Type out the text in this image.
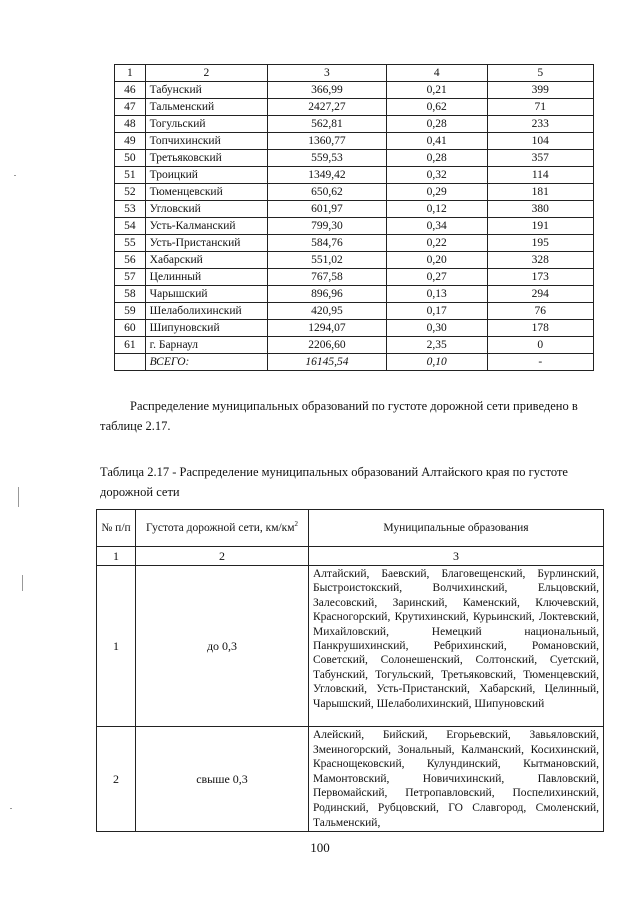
1	2	3	4	5
46	Табунский	366,99	0,21	399
47	Тальменский	2427,27	0,62	71
48	Тогульский	562,81	0,28	233
49	Топчихинский	1360,77	0,41	104
50	Третьяковский	559,53	0,28	357
51	Троицкий	1349,42	0,32	114
52	Тюменцевский	650,62	0,29	181
53	Угловский	601,97	0,12	380
54	Усть-Калманский	799,30	0,34	191
55	Усть-Пристанский	584,76	0,22	195
56	Хабарский	551,02	0,20	328
57	Целинный	767,58	0,27	173
58	Чарышский	896,96	0,13	294
59	Шелаболихинский	420,95	0,17	76
60	Шипуновский	1294,07	0,30	178
61	г. Барнаул	2206,60	2,35	0
	ВСЕГО:	16145,54	0,10	-
Распределение муниципальных образований по густоте дорожной сети приведено в таблице 2.17.
Таблица 2.17 - Распределение муниципальных образований Алтайского края по густоте дорожной сети
№ п/п	Густота дорожной сети, $км/км^2$	Муниципальные образования
1	2	3
1	до 0,3	Алтайский, Баевский, Благовещенский, Бурлинский, Быстроистокский, Волчихинский, Ельцовский, Залесовский, Заринский, Каменский, Ключевский, Красногорский, Крутихинский, Курьинский, Локтевский, Михайловский, Немецкий национальный, Панкрушихинский, Ребрихинский, Романовский, Советский, Солонешенский, Солтонский, Суетский, Табунский, Тогульский, Третьяковский, Тюменцевский, Угловский, Усть-Пристанский, Хабарский, Целинный, Чарышский, Шелаболихинский, Шипуновский
2	свыше 0,3	Алейский, Бийский, Егорьевский, Завьяловский, Змеиногорский, Зональный, Калманский, Косихинский, Краснощековский, Кулундинский, Кытмановский, Мамонтовский, Новичихинский, Павловский, Первомайский, Петропавловский, Поспелихинский, Родинский, Рубцовский, ГО Славгород, Смоленский, Тальменский,
100
